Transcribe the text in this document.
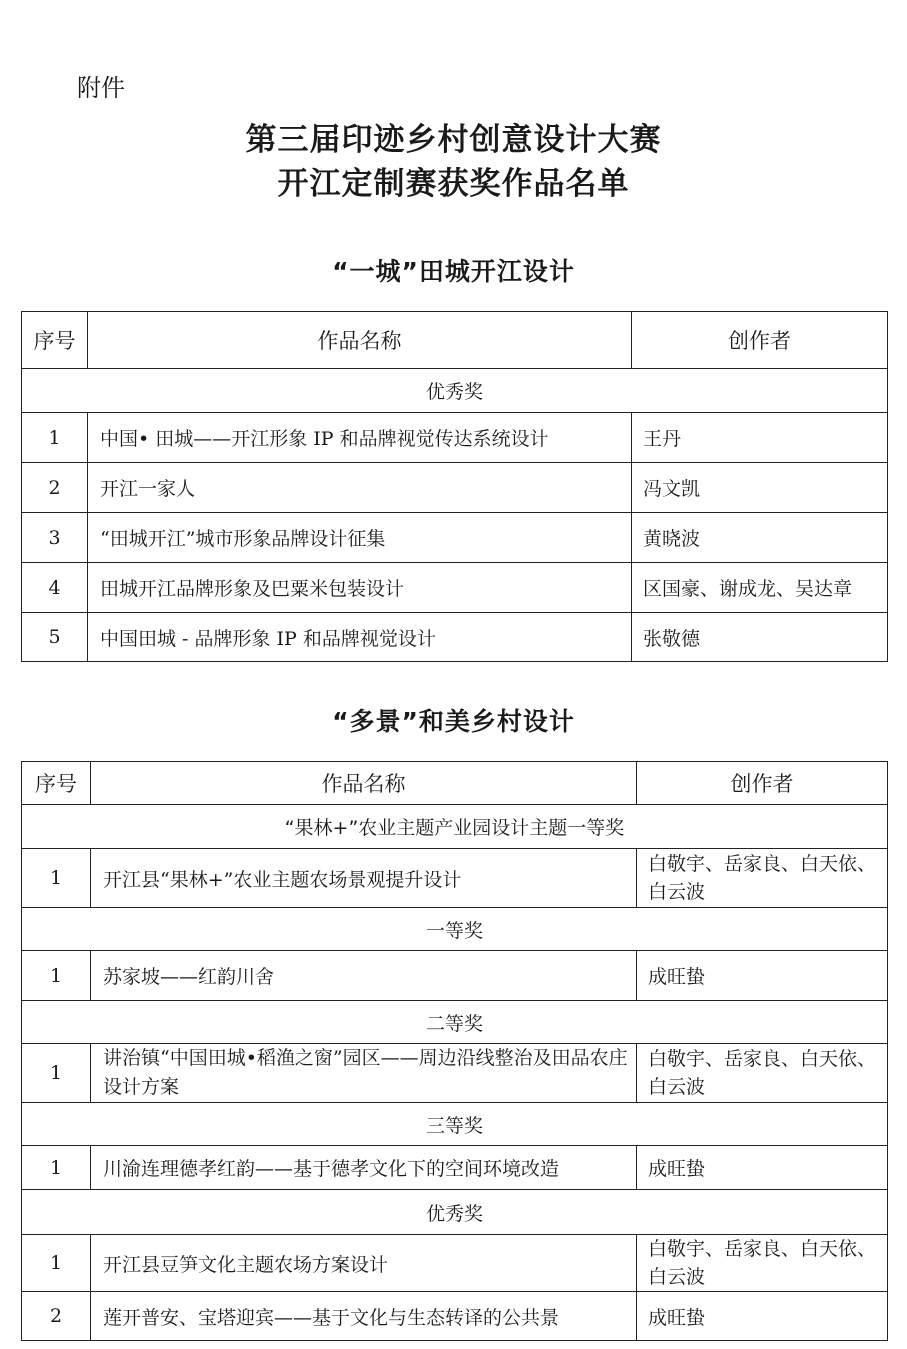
附件
第三届印迹乡村创意设计大赛
开江定制赛获奖作品名单
“一城”田城开江设计
序号	作品名称	创作者
优秀奖		
1	中国• 田城——开江形象 IP 和品牌视觉传达系统设计	王丹
2	开江一家人	冯文凯
3	“田城开江”城市形象品牌设计征集	黄晓波
4	田城开江品牌形象及巴粟米包装设计	区国豪、谢成龙、吴达章
5	中国田城 - 品牌形象 IP 和品牌视觉设计	张敬德
“多景”和美乡村设计
序号	作品名称	创作者
“果林+”农业主题产业园设计主题一等奖		
1	开江县“果林+”农业主题农场景观提升设计	白敬宇、岳家良、白天依、白云波
一等奖		
1	苏家坡——红韵川舍	成旺蛰
二等奖		
1	讲治镇“中国田城•稻渔之窗”园区——周边沿线整治及田品农庄设计方案	白敬宇、岳家良、白天依、白云波
三等奖		
1	川渝连理德孝红韵——基于德孝文化下的空间环境改造	成旺蛰
优秀奖		
1	开江县豆笋文化主题农场方案设计	白敬宇、岳家良、白天依、白云波
2	莲开普安、宝塔迎宾——基于文化与生态转译的公共景	成旺蛰
